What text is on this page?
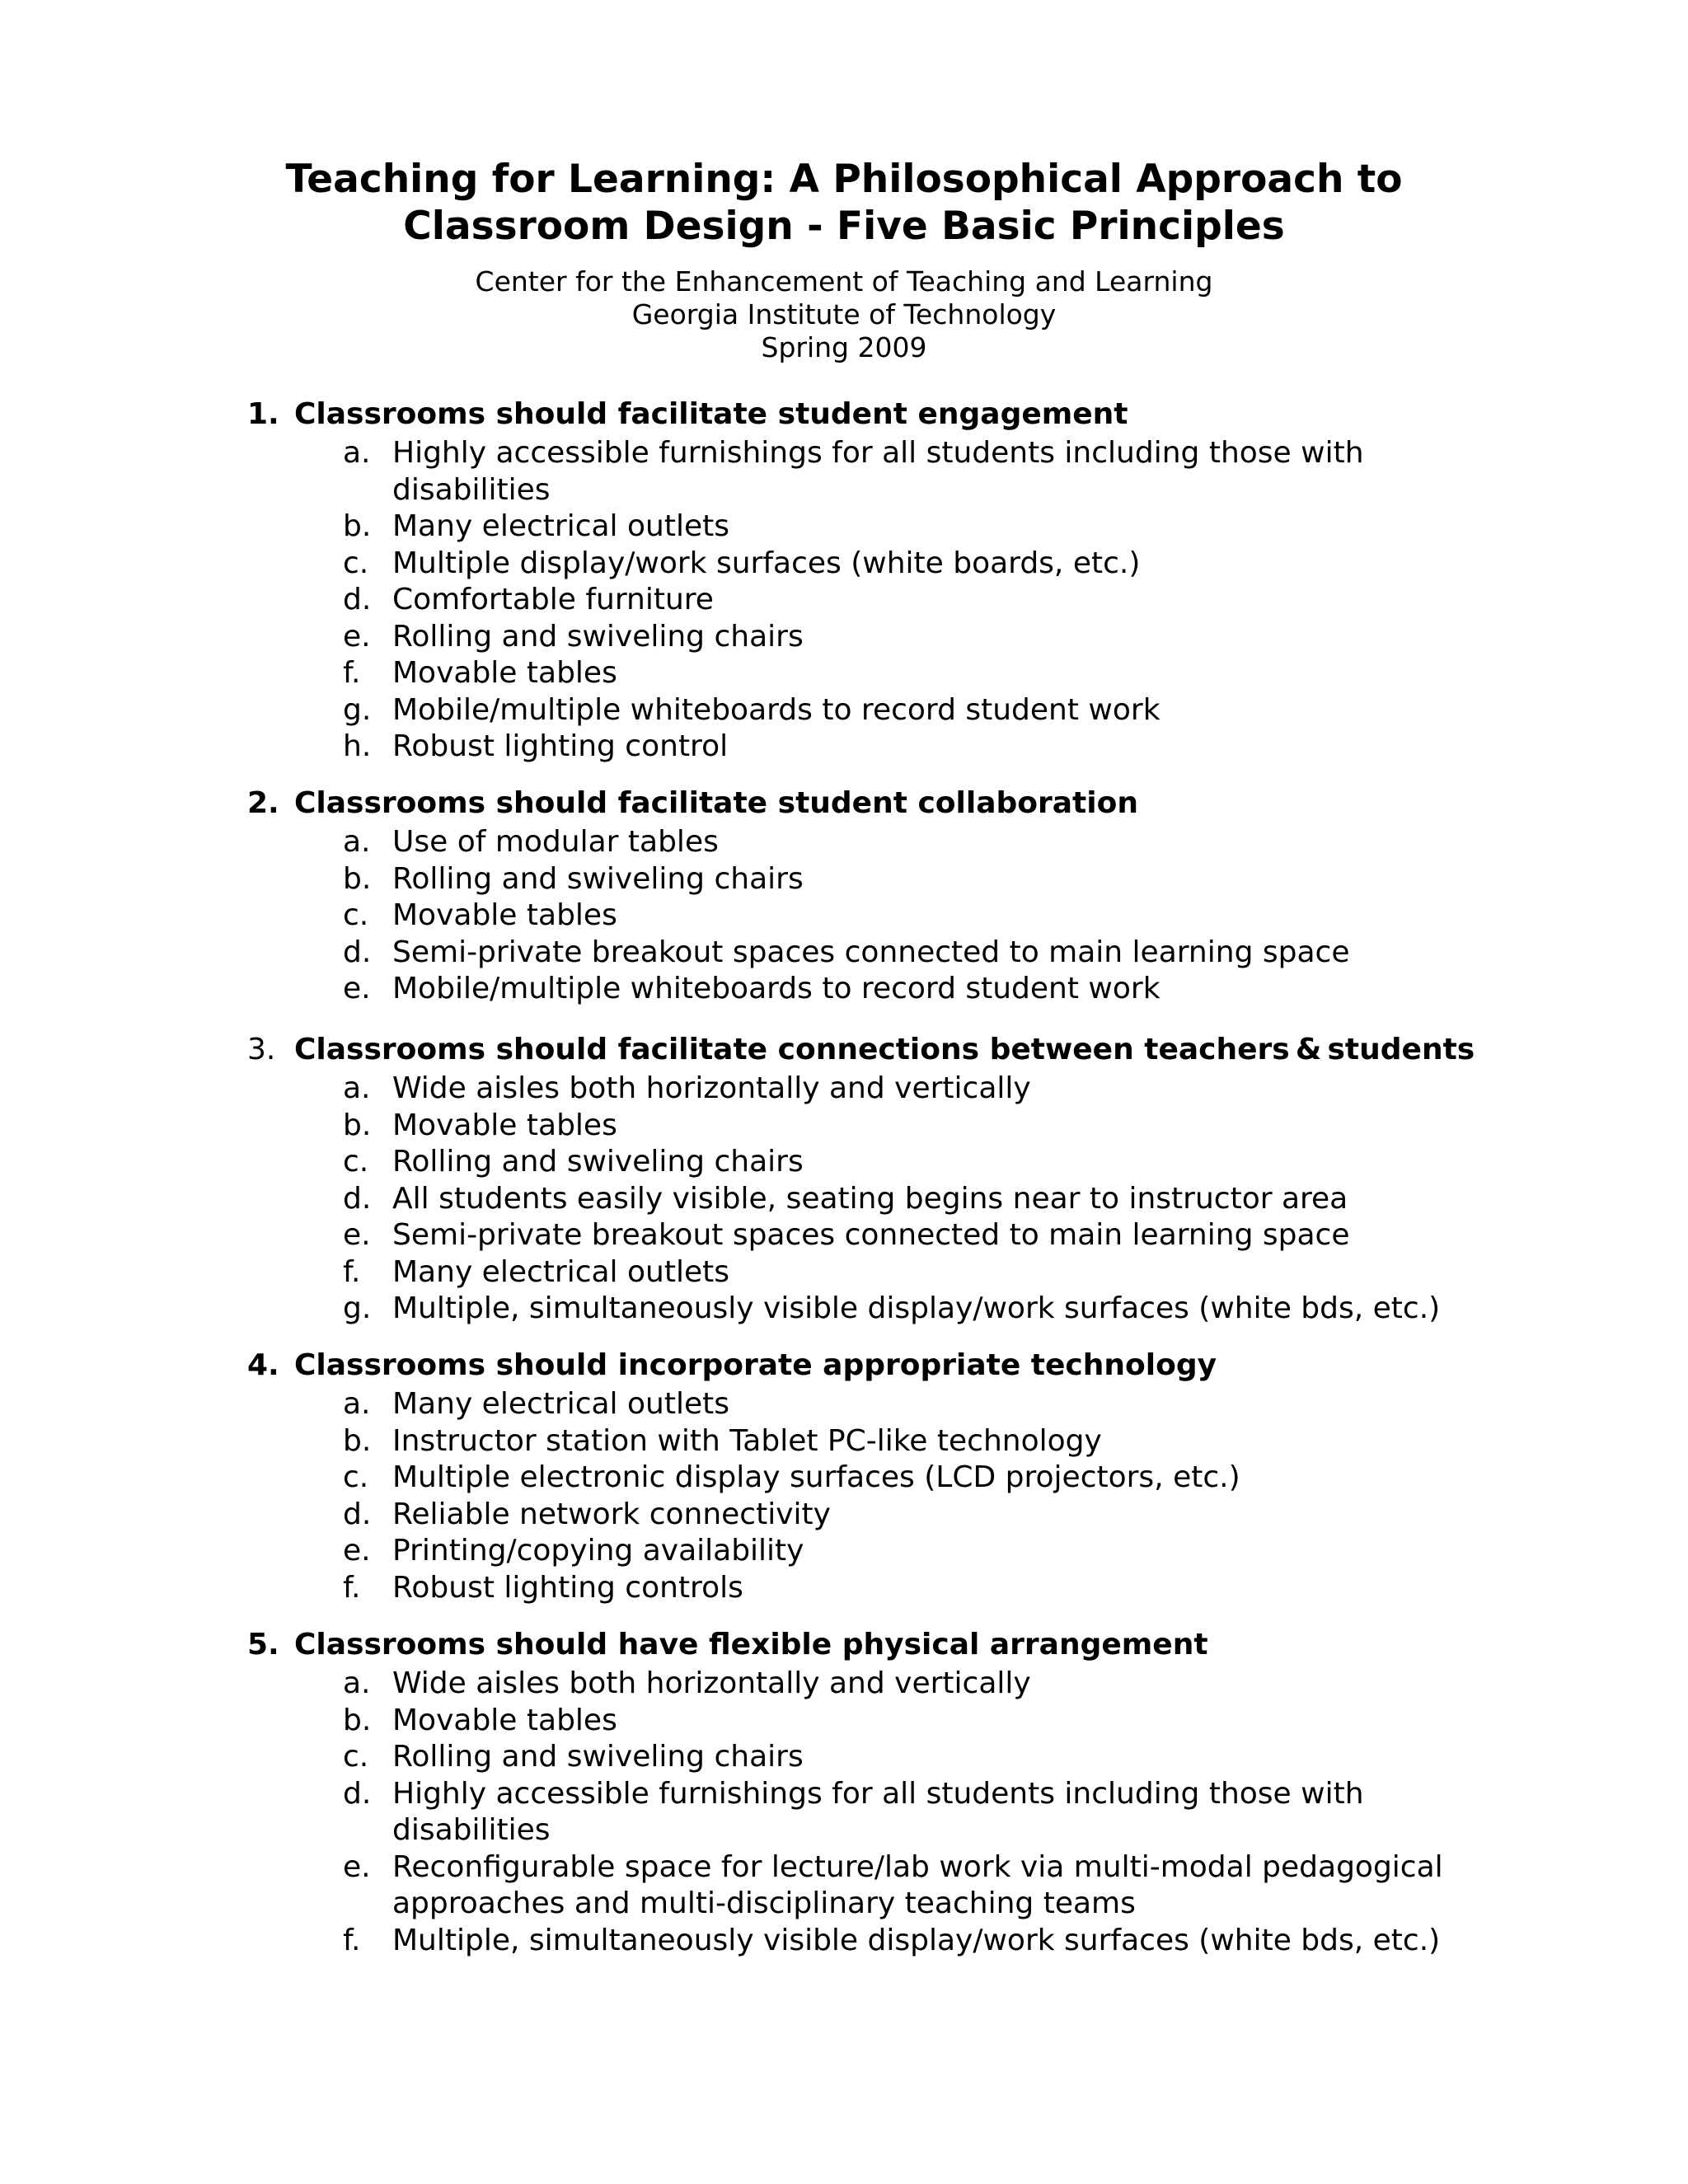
Teaching for Learning: A Philosophical Approach to
Classroom Design - Five Basic Principles

Center for the Enhancement of Teaching and Learning

Georgia Institute of Technology

Spring 2009

1. Classrooms should facilitate student engagement
a. Highly accessible furnishings for all students including those with
disabilities
b. Many electrical outlets
c. Multiple display/work surfaces (white boards, etc.)
d. Comfortable furniture
e. Rolling and swiveling chairs
f. Movable tables
g. Mobile/multiple whiteboards to record student work
h. Robust lighting control
2. Classrooms should facilitate student collaboration
a. Use of modular tables
b. Rolling and swiveling chairs
c. Movable tables
d. Semi-private breakout spaces connected to main learning space
e. Mobile/multiple whiteboards to record student work
3. Classrooms should facilitate connections between teachers & students
a. Wide aisles both horizontally and vertically
b. Movable tables
c. Rolling and swiveling chairs
d. All students easily visible, seating begins near to instructor area
e. Semi-private breakout spaces connected to main learning space
f. Many electrical outlets
g. Multiple, simultaneously visible display/work surfaces (white bds, etc.)
4. Classrooms should incorporate appropriate technology
a. Many electrical outlets
b. Instructor station with Tablet PC-like technology
c. Multiple electronic display surfaces (LCD projectors, etc.)
d. Reliable network connectivity
e. Printing/copying availability
f. Robust lighting controls
5. Classrooms should have flexible physical arrangement
a. Wide aisles both horizontally and vertically
b. Movable tables
c. Rolling and swiveling chairs
d. Highly accessible furnishings for all students including those with
disabilities
e. Reconfigurable space for lecture/lab work via multi-modal pedagogical
approaches and multi-disciplinary teaching teams
f. Multiple, simultaneously visible display/work surfaces (white bds, etc.)
